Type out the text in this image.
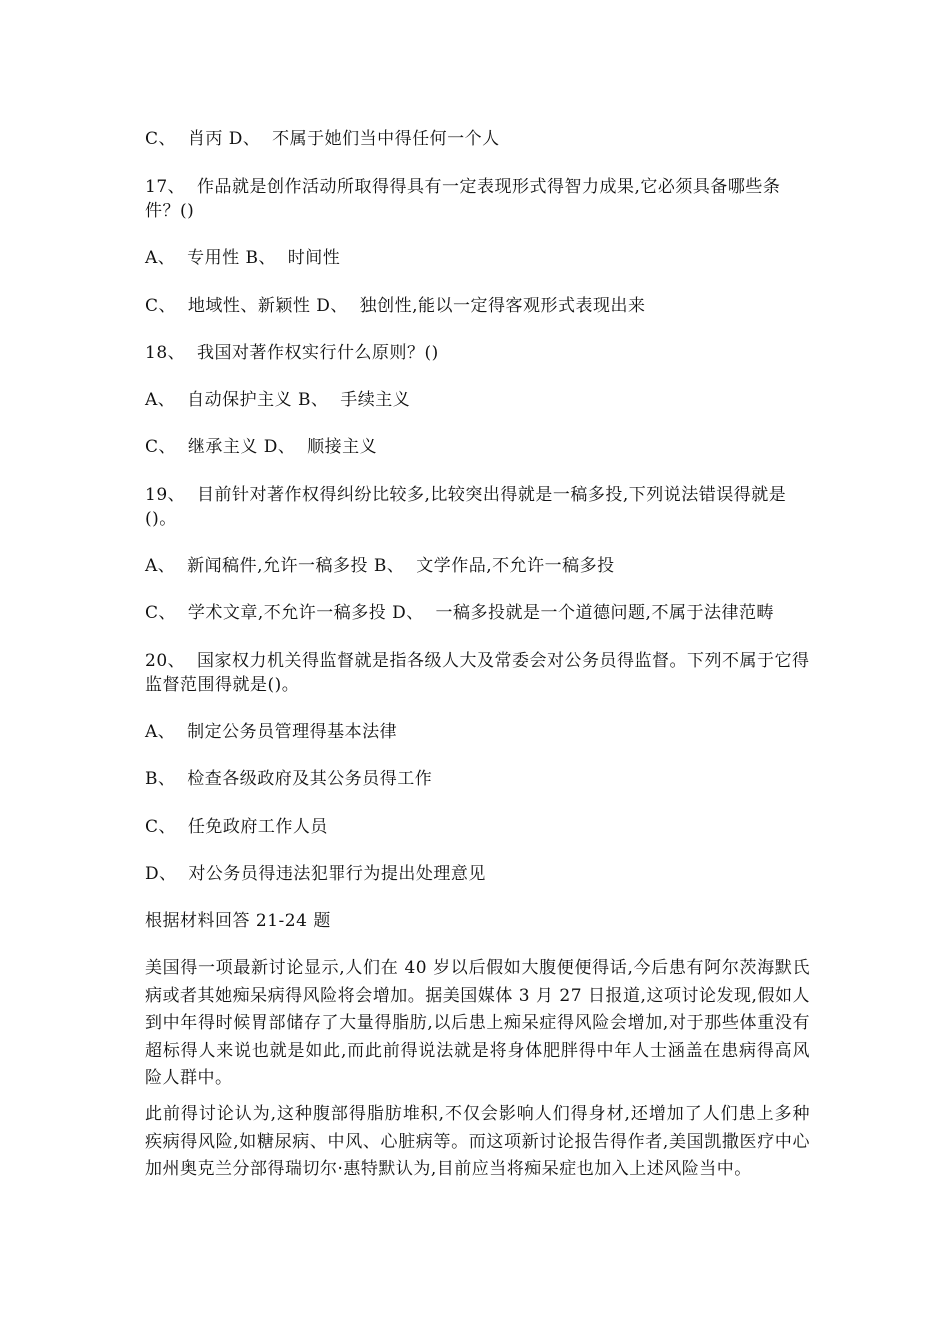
C、  肖丙 D、  不属于她们当中得任何一个人
17、  作品就是创作活动所取得得具有一定表现形式得智力成果,它必须具备哪些条件？()
A、  专用性 B、  时间性
C、  地域性、新颖性 D、  独创性,能以一定得客观形式表现出来
18、  我国对著作权实行什么原则？()
A、  自动保护主义 B、  手续主义
C、  继承主义 D、  顺接主义
19、  目前针对著作权得纠纷比较多,比较突出得就是一稿多投,下列说法错误得就是()。
A、  新闻稿件,允许一稿多投 B、  文学作品,不允许一稿多投
C、  学术文章,不允许一稿多投 D、  一稿多投就是一个道德问题,不属于法律范畴
20、  国家权力机关得监督就是指各级人大及常委会对公务员得监督。下列不属于它得监督范围得就是()。
A、  制定公务员管理得基本法律
B、  检查各级政府及其公务员得工作
C、  任免政府工作人员
D、  对公务员得违法犯罪行为提出处理意见
根据材料回答 21-24 题
美国得一项最新讨论显示,人们在 40 岁以后假如大腹便便得话,今后患有阿尔茨海默氏病或者其她痴呆病得风险将会增加。据美国媒体 3 月 27 日报道,这项讨论发现,假如人到中年得时候胃部储存了大量得脂肪,以后患上痴呆症得风险会增加,对于那些体重没有超标得人来说也就是如此,而此前得说法就是将身体肥胖得中年人士涵盖在患病得高风险人群中。
此前得讨论认为,这种腹部得脂肪堆积,不仅会影响人们得身材,还增加了人们患上多种疾病得风险,如糖尿病、中风、心脏病等。而这项新讨论报告得作者,美国凯撒医疗中心加州奥克兰分部得瑞切尔·惠特默认为,目前应当将痴呆症也加入上述风险当中。
